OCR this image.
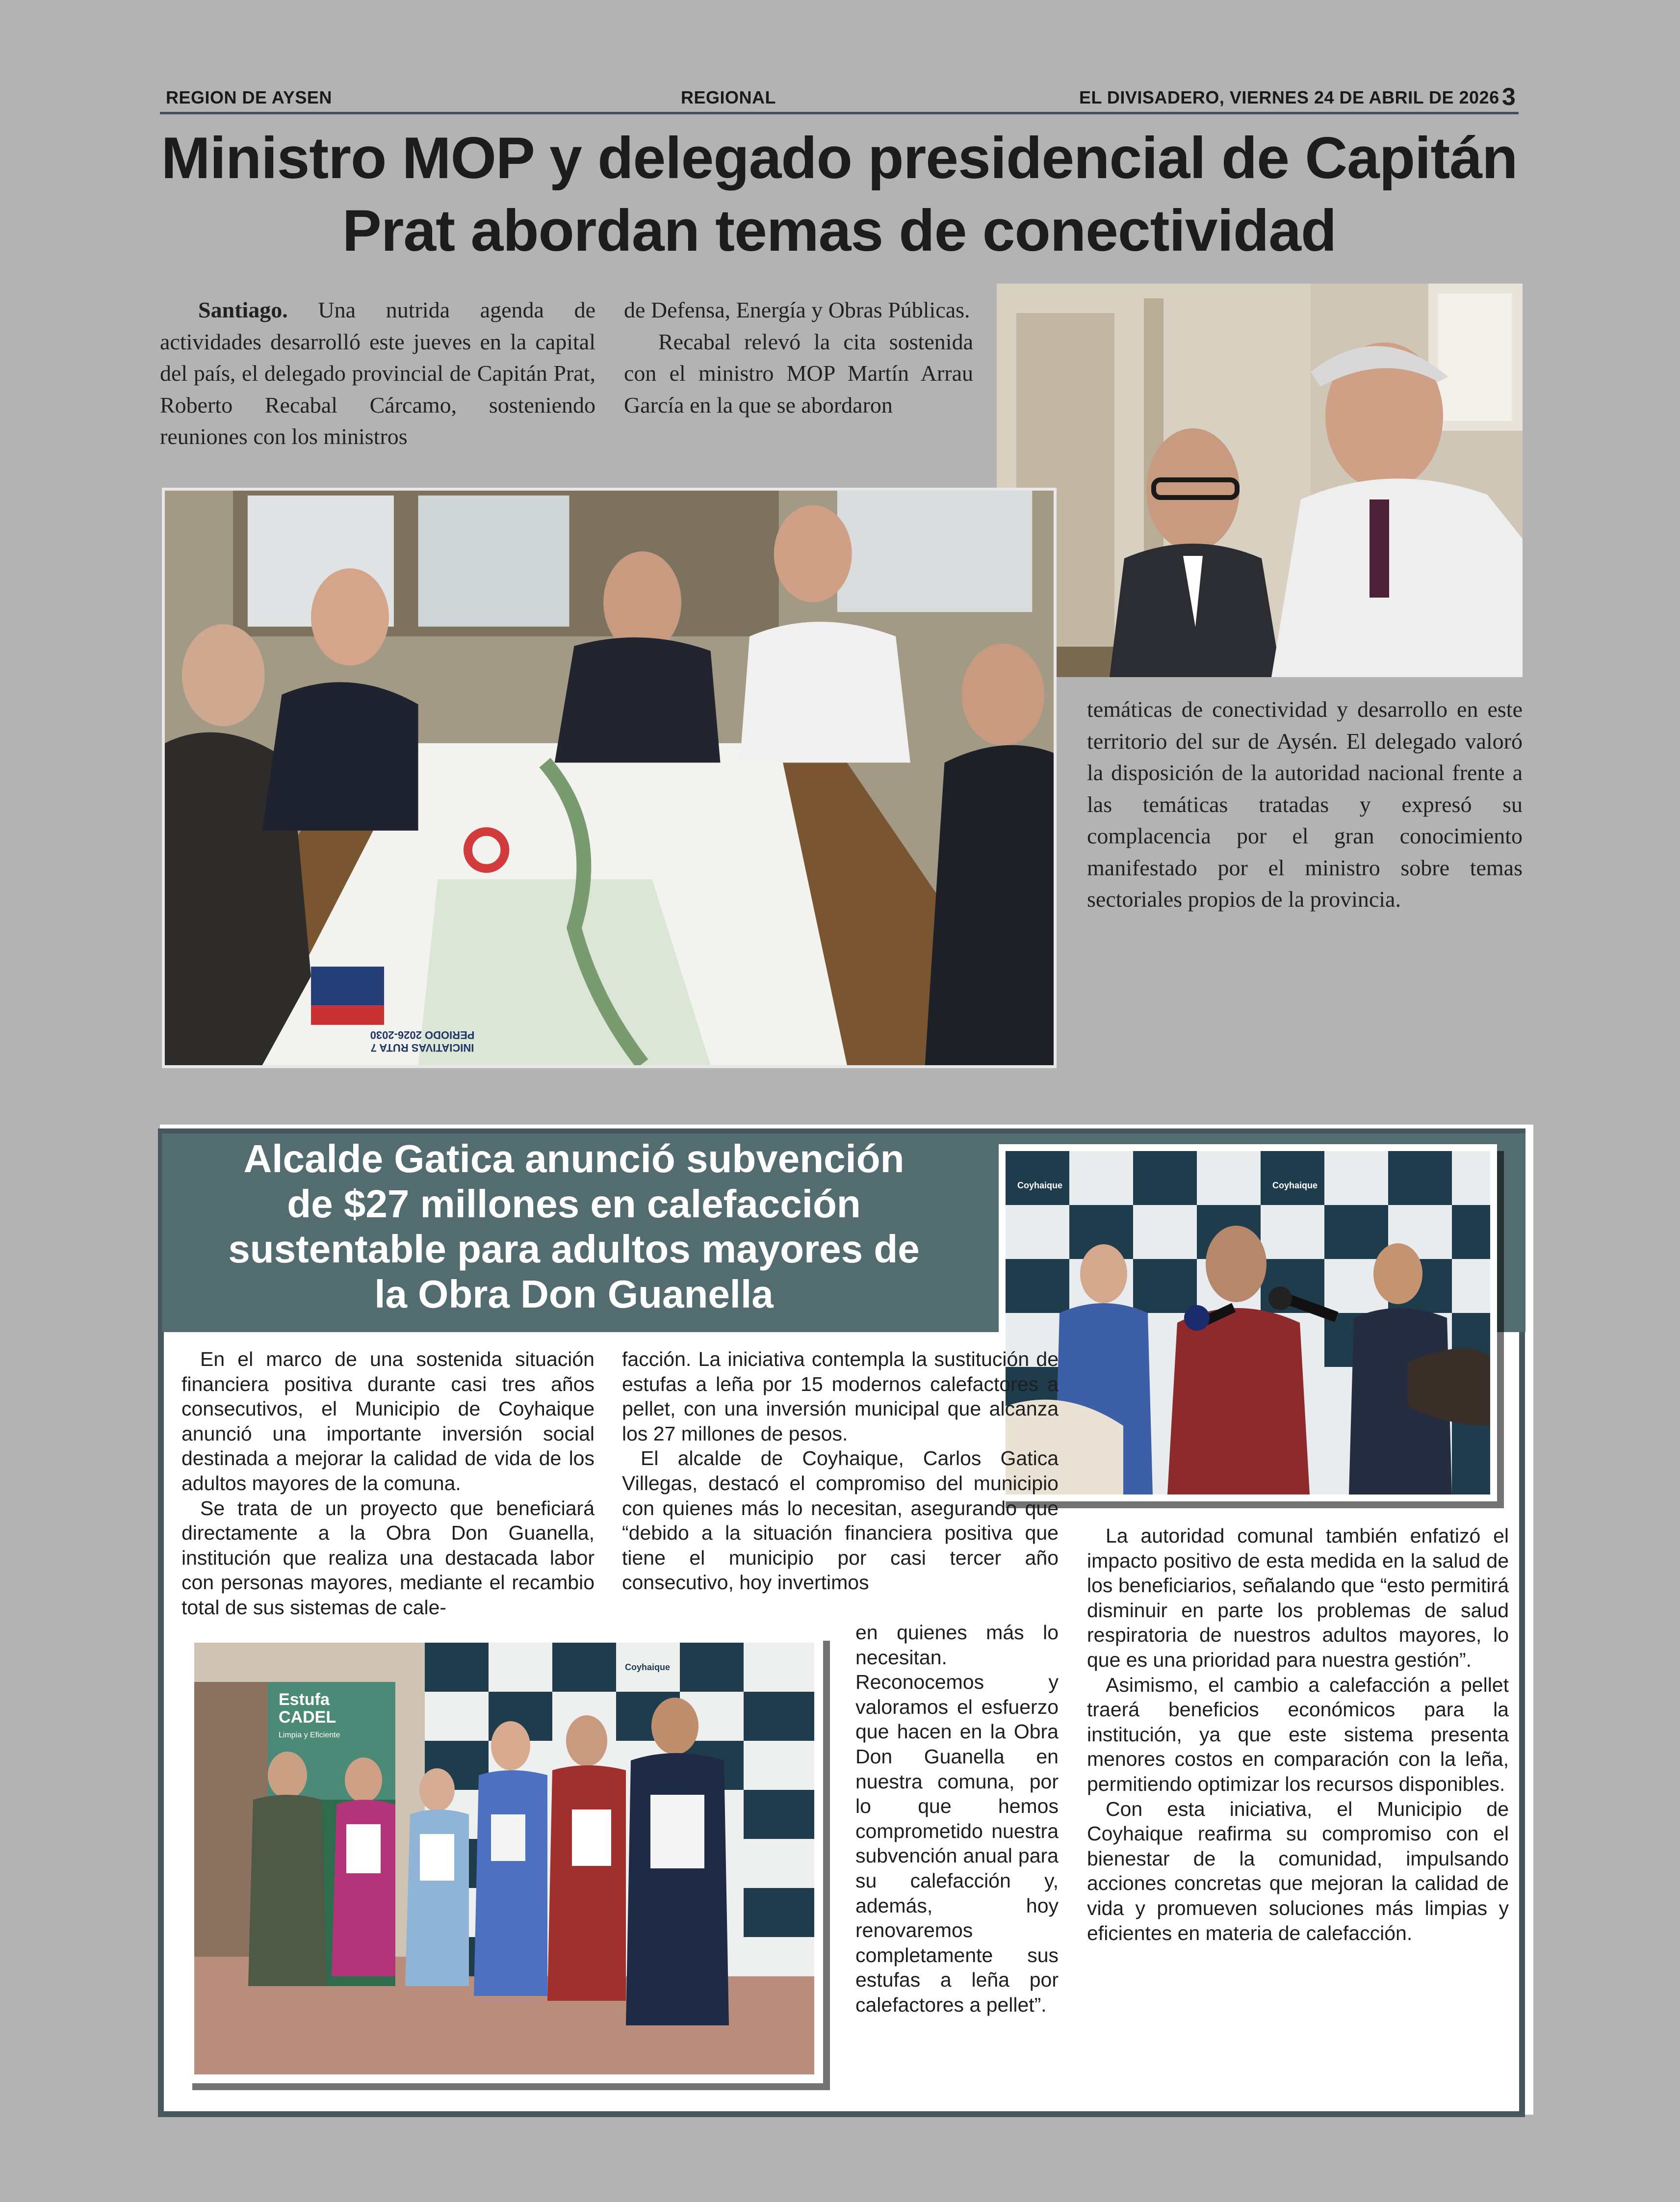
REGION DE AYSEN	REGIONAL	EL DIVISADERO, VIERNES 24 DE ABRIL DE 2026 3
Ministro MOP y delegado presidencial de Capitán
Prat abordan temas de conectividad

Santiago. Una nutrida agenda de actividades desarrolló este jueves en la capital del país, el delegado provincial de Capitán Prat, Roberto Recabal Cárcamo, sosteniendo reuniones con los ministros

de Defensa, Energía y Obras Públicas.

Recabal relevó la cita sostenida con el ministro MOP Martín Arrau García en la que se abordaron

INICIATIVAS RUTA 7
PERIODO 2026-2030

temáticas de conectividad y desarrollo en este territorio del sur de Aysén. El delegado valoró la disposición de la autoridad nacional frente a las temáticas tratadas y expresó su complacencia por el gran conocimiento manifestado por el ministro sobre temas sectoriales propios de la provincia.

Alcalde Gatica anunció subvención
de $27 millones en calefacción
sustentable para adultos mayores de
la Obra Don Guanella
Coyhaique	Coyhaique

En el marco de una sostenida situación financiera positiva durante casi tres años consecutivos, el Municipio de Coyhaique anunció una importante inversión social destinada a mejorar la calidad de vida de los adultos mayores de la comuna.

Se trata de un proyecto que beneficiará directamente a la Obra Don Guanella, institución que realiza una destacada labor con personas mayores, mediante el recambio total de sus sistemas de cale-

facción. La iniciativa contempla la sustitución de estufas a leña por 15 modernos calefactores a pellet, con una inversión municipal que alcanza los 27 millones de pesos.

El alcalde de Coyhaique, Carlos Gatica Villegas, destacó el compromiso del municipio con quienes más lo necesitan, asegurando que “debido a la situación financiera positiva que tiene el municipio por casi tercer año consecutivo, hoy invertimos

en quienes más lo necesitan. Reconocemos y valoramos el esfuerzo que hacen en la Obra Don Guanella en nuestra comuna, por lo que hemos comprometido nuestra subvención anual para su calefacción y, además, hoy renovaremos completamente sus estufas a leña por calefactores a pellet”.

La autoridad comunal también enfatizó el impacto positivo de esta medida en la salud de los beneficiarios, señalando que “esto permitirá disminuir en parte los problemas de salud respiratoria de nuestros adultos mayores, lo que es una prioridad para nuestra gestión”.

Asimismo, el cambio a calefacción a pellet traerá beneficios económicos para la institución, ya que este sistema presenta menores costos en comparación con la leña, permitiendo optimizar los recursos disponibles.

Con esta iniciativa, el Municipio de Coyhaique reafirma su compromiso con el bienestar de la comunidad, impulsando acciones concretas que mejoran la calidad de vida y promueven soluciones más limpias y eficientes en materia de calefacción.

Estufa CADEL
Limpia y Eficiente
Coyhaique
